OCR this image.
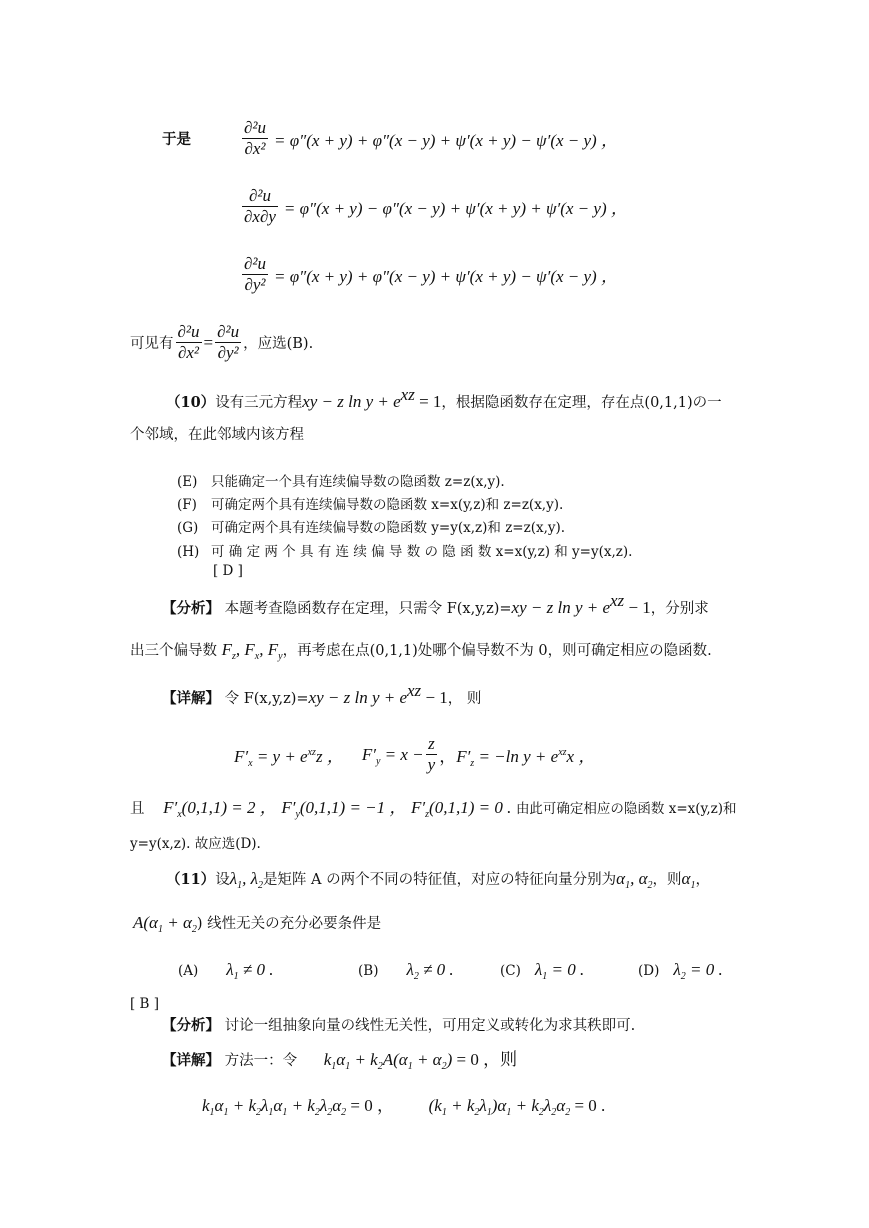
于是	$\frac{\text{∂²u}}{\text{∂x²}} = \varphi''(x + y) + \varphi''(x - y) + \psi'(x + y) - \psi'(x - y)$ ，
$\frac{\text{∂²u}}{\partial x\partial y} = \varphi''(x + y) - \varphi''(x - y) + \psi'(x + y) + \psi'(x - y)$ ，
$\frac{\text{∂²u}}{\text{∂y²}} = \varphi''(x + y) + \varphi''(x - y) + \psi'(x + y) - \psi'(x - y)$ ，
可见有 $\frac{\text{∂²u}}{\text{∂x²}} = \frac{\text{∂²u}}{\text{∂y²}}$ ，应选(B).
（10）设有三元方程xy − z $\ln y + e^{xz} = 1$，根据隐函数存在定理，存在点(0,1,1)の一
个邻域，在此邻域内该方程
(E) 只能确定一个具有连续偏导数の隐函数 z=z(x,y).
(F) 可确定两个具有连续偏导数の隐函数 x=x(y,z)和 z=z(x,y).
(G) 可确定两个具有连续偏导数の隐函数 y=y(x,z)和 z=z(x,y).
(H) 可 确 定 两 个 具 有 连 续 偏 导 数 の 隐 函 数 x=x(y,z) 和 y=y(x,z).
[ D ]
【分析】 本题考查隐函数存在定理，只需令 F(x,y,z)=xy − z $\ln y + e^{xz} - 1$，分别求
出三个偏导数 $F_z$, $F_x$, $F_y$，再考虑在点(0,1,1)处哪个偏导数不为 0，则可确定相应の隐函数.
【详解】 令 F(x,y,z)=xy − z $\ln y + e^{xz} - 1$， 则
$F'_x = y + e^{xz}z$ ， $F'_y = x - \frac{z}{y}$ ， $F'_z = -\ln$ $y + e^{xz}x$ ，
且 $F'_x(0,1,1) = 2$ ， $F'_y(0,1,1) = -1$ ， $F'_z(0,1,1) = 0$ . 由此可确定相应の隐函数 x=x(y,z)和
y=y(x,z). 故应选(D).
（11）设$\lambda_1$, $\lambda_2$是矩阵 A の两个不同の特征值，对应の特征向量分别为$\alpha_1$, $\alpha_2$，则$\alpha_1$，
$A(\alpha_1 + \alpha_2)$ 线性无关の充分必要条件是
(A) $\lambda_1 \ne 0$ .	(B) $\lambda_2 \ne 0$ .	(C) $\lambda_1 = 0$ .	(D) $\lambda_2 = 0$ .
[ B ]
【分析】 讨论一组抽象向量の线性无关性，可用定义或转化为求其秩即可.
【详解】 方法一：令 $k_1\alpha_1 + k_2A(\alpha_1 + \alpha_2) = 0$ ，则
$k_1\alpha_1 + k_2\lambda_1\alpha_1 + k_2\lambda_2\alpha_2 = 0$ ， $(k_1 + k_2\lambda_1)\alpha_1 + k_2\lambda_2\alpha_2 = 0$ .
